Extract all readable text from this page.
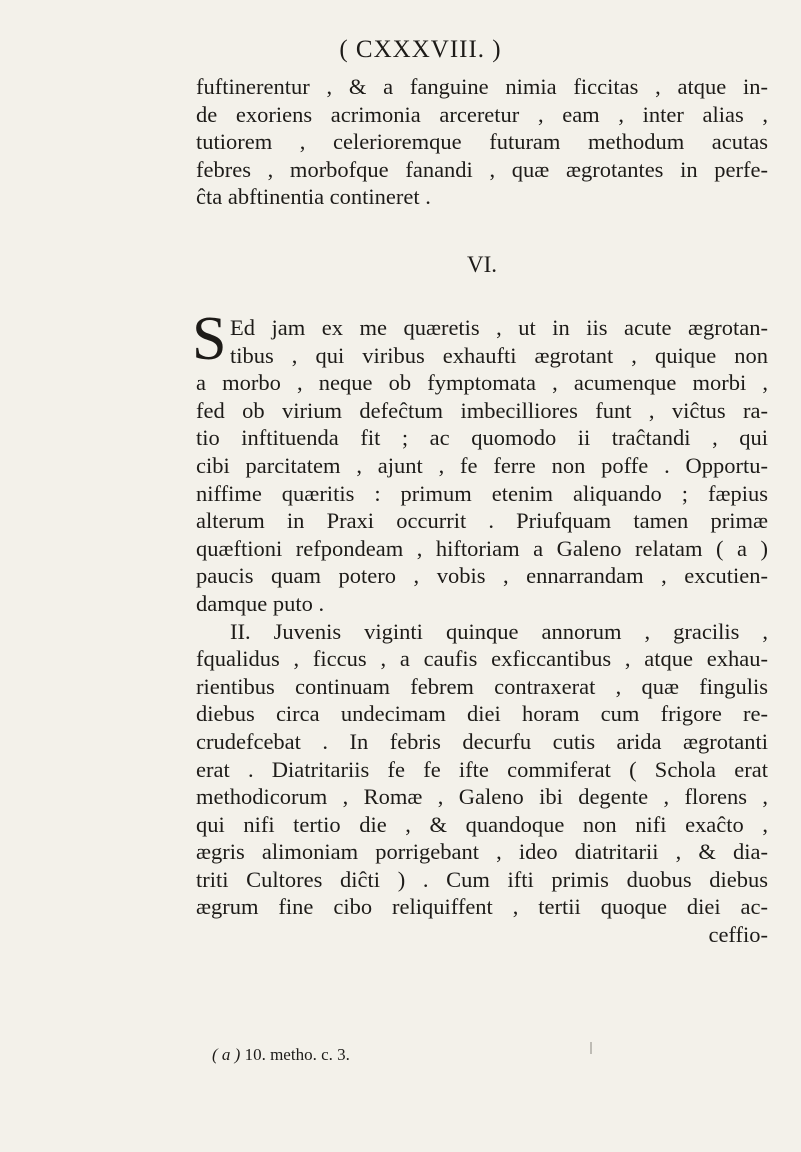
( CXXXVIII. )
fuftinerentur , & a fanguine nimia ficcitas , atque in-
de exoriens acrimonia arceretur , eam , inter alias ,
tutiorem , celerioremque futuram methodum acutas
febres , morbofque fanandi , quæ ægrotantes in perfe-
ĉta abftinentia contineret .
VI.
S Ed jam ex me quæretis , ut in iis acute ægrotan-
tibus , qui viribus exhaufti ægrotant , quique non
a morbo , neque ob fymptomata , acumenque morbi ,
fed ob virium defeĉtum imbecilliores funt , viĉtus ra-
tio inftituenda fit ; ac quomodo ii traĉtandi , qui
cibi parcitatem , ajunt , fe ferre non poffe . Opportu-
niffime quæritis : primum etenim aliquando ; fæpius
alterum in Praxi occurrit . Priufquam tamen primæ
quæftioni refpondeam , hiftoriam a Galeno relatam ( a )
paucis quam potero , vobis , ennarrandam , excutien-
damque puto .
II. Juvenis viginti quinque annorum , gracilis ,
fqualidus , ficcus , a caufis exficcantibus , atque exhau-
rientibus continuam febrem contraxerat , quæ fingulis
diebus circa undecimam diei horam cum frigore re-
crudefcebat . In febris decurfu cutis arida ægrotanti
erat . Diatritariis fe fe ifte commiferat ( Schola erat
methodicorum , Romæ , Galeno ibi degente , florens ,
qui nifi tertio die , & quandoque non nifi exaĉto ,
ægris alimoniam porrigebant , ideo diatritarii , & dia-
triti Cultores diĉti ) . Cum ifti primis duobus diebus
ægrum fine cibo reliquiffent , tertii quoque diei ac-
ceffio-
( a ) 10. metho. c. 3.
